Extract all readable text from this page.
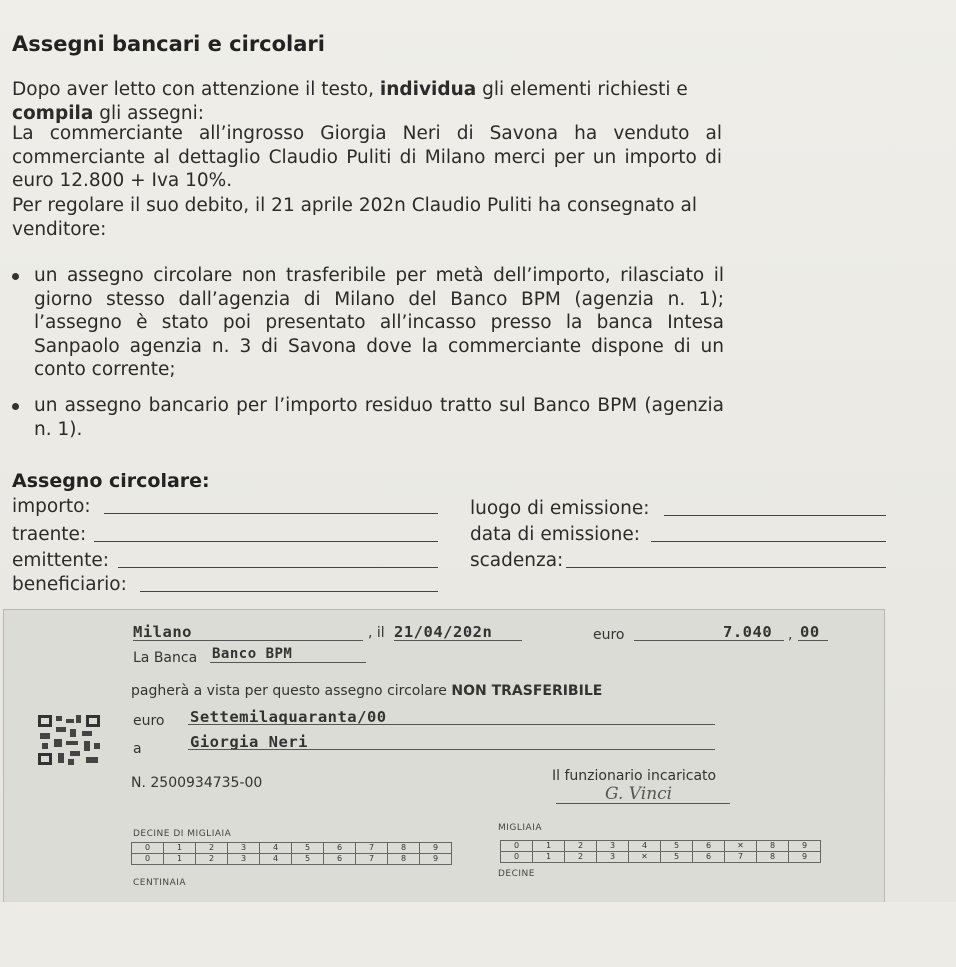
Assegni bancari e circolari
Dopo aver letto con attenzione il testo, individua gli elementi richiesti e
compila gli assegni:
La commerciante all’ingrosso Giorgia Neri di Savona ha venduto al commerciante al dettaglio Claudio Puliti di Milano merci per un importo di euro 12.800 + Iva 10%.
Per regolare il suo debito, il 21 aprile 202n Claudio Puliti ha consegnato al venditore:
un assegno circolare non trasferibile per metà dell’importo, rilasciato il giorno stesso dall’agenzia di Milano del Banco BPM (agenzia n. 1); l’assegno è stato poi presentato all’incasso presso la banca Intesa Sanpaolo agenzia n. 3 di Savona dove la commerciante dispone di un conto corrente;
un assegno bancario per l’importo residuo tratto sul Banco BPM (agenzia n. 1).
Assegno circolare:
importo:
traente:
emittente:
beneficiario:
luogo di emissione:
data di emissione:
scadenza:
Milano	, il 21/04/202n	euro	7.040 , 00
La Banca Banco BPM
pagherà a vista per questo assegno circolare NON TRASFERIBILE
euro Settemilaquaranta/00
a	Giorgia Neri
N. 2500934735-00	Il funzionario incaricato
G. Vinci
DECINE DI MIGLIAIA
MIGLIAIA
0	1	2	3	4	5	6	7	8	9
0	1	2	3	4	5	6	7	8	9
0	1	2	3	4	5	6	✕	8	9
0	1	2	3	✕	5	6	7	8	9
CENTINAIA
DECINE
